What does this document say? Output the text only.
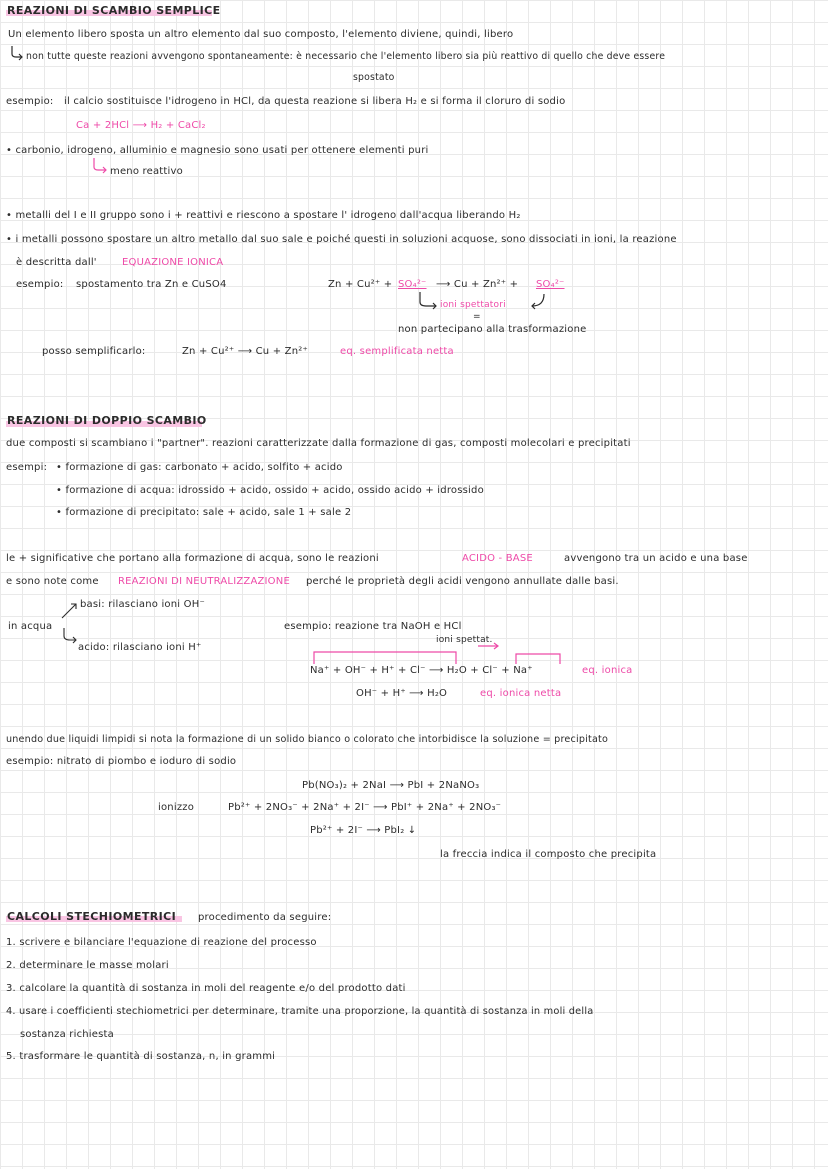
REAZIONI DI SCAMBIO SEMPLICE
Un elemento libero sposta un altro elemento dal suo composto, l'elemento diviene, quindi, libero
non tutte queste reazioni avvengono spontaneamente: è necessario che l'elemento libero sia più reattivo di quello che deve essere
spostato
esempio: il calcio sostituisce l'idrogeno in HCl, da questa reazione si libera H₂ e si forma il cloruro di sodio
Ca + 2HCl ⟶ H₂ + CaCl₂
• carbonio, idrogeno, alluminio e magnesio sono usati per ottenere elementi puri
meno reattivo
• metalli del I e II gruppo sono i + reattivi e riescono a spostare l' idrogeno dall'acqua liberando H₂
• i metalli possono spostare un altro metallo dal suo sale e poiché questi in soluzioni acquose, sono dissociati in ioni, la reazione
è descritta dall'	EQUAZIONE IONICA
esempio: spostamento tra Zn e CuSO4	Zn + Cu²⁺ + SO₄²⁻ ⟶ Cu + Zn²⁺ + SO₄²⁻
ioni spettatori
=
non partecipano alla trasformazione
posso semplificarlo:	Zn + Cu²⁺ ⟶ Cu + Zn²⁺	eq. semplificata netta
REAZIONI DI DOPPIO SCAMBIO
due composti si scambiano i "partner". reazioni caratterizzate dalla formazione di gas, composti molecolari e precipitati
esempi: • formazione di gas: carbonato + acido, solfito + acido
• formazione di acqua: idrossido + acido, ossido + acido, ossido acido + idrossido
• formazione di precipitato: sale + acido, sale 1 + sale 2
le + significative che portano alla formazione di acqua, sono le reazioni	ACIDO - BASE	avvengono tra un acido e una base
e sono note come REAZIONI DI NEUTRALIZZAZIONE perché le proprietà degli acidi vengono annullate dalle basi.
basi: rilasciano ioni OH⁻
in acqua
acido: rilasciano ioni H⁺
esempio: reazione tra NaOH e HCl
ioni spettat.
Na⁺ + OH⁻ + H⁺ + Cl⁻ ⟶ H₂O + Cl⁻ + Na⁺	eq. ionica
OH⁻ + H⁺ ⟶ H₂O	eq. ionica netta
unendo due liquidi limpidi si nota la formazione di un solido bianco o colorato che intorbidisce la soluzione = precipitato
esempio: nitrato di piombo e ioduro di sodio
Pb(NO₃)₂ + 2NaI ⟶ PbI + 2NaNO₃
ionizzo	Pb²⁺ + 2NO₃⁻ + 2Na⁺ + 2I⁻ ⟶ PbI⁺ + 2Na⁺ + 2NO₃⁻
Pb²⁺ + 2I⁻ ⟶ PbI₂ ↓
la freccia indica il composto che precipita
CALCOLI STECHIOMETRICI procedimento da seguire:
1. scrivere e bilanciare l'equazione di reazione del processo
2. determinare le masse molari
3. calcolare la quantità di sostanza in moli del reagente e/o del prodotto dati
4. usare i coefficienti stechiometrici per determinare, tramite una proporzione, la quantità di sostanza in moli della
sostanza richiesta
5. trasformare le quantità di sostanza, n, in grammi
